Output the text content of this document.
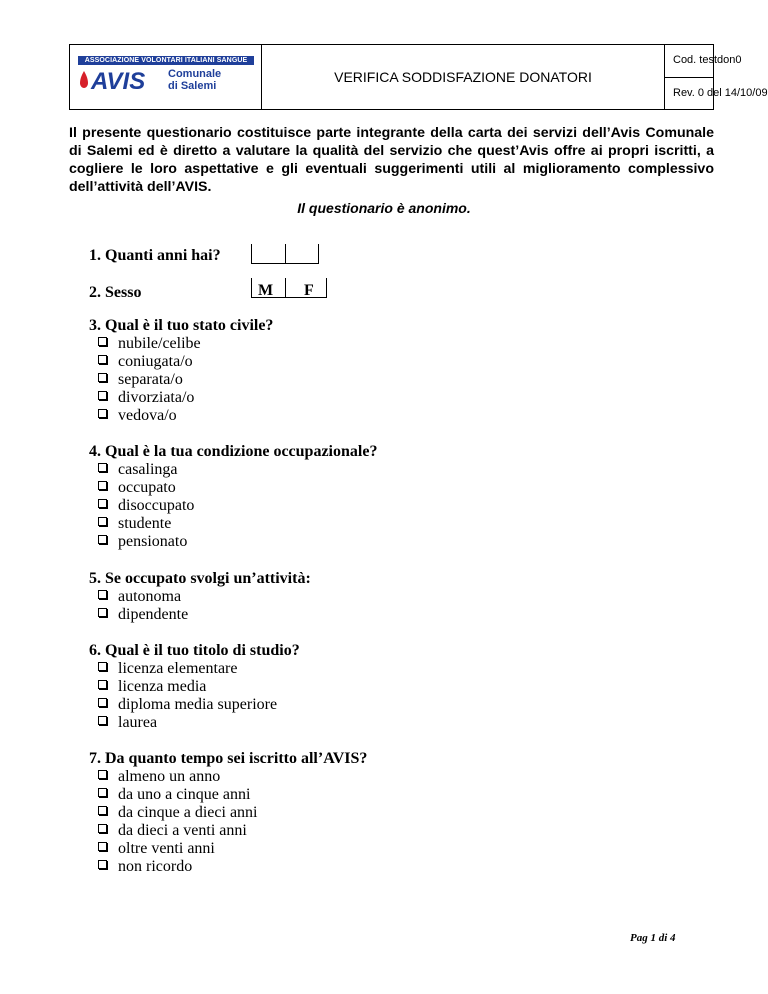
ASSOCIAZIONE VOLONTARI ITALIANI SANGUE
AVIS Comunale
di Salemi
VERIFICA SODDISFAZIONE DONATORI
Cod. testdon0
Rev. 0 del 14/10/09
Il presente questionario costituisce parte integrante della carta dei servizi dell’Avis Comunale di Salemi ed è diretto a valutare la qualità del servizio che quest’Avis offre ai propri iscritti, a cogliere le loro aspettative e gli eventuali suggerimenti utili al miglioramento complessivo dell’attività dell’AVIS.
Il questionario è anonimo.
1. Quanti anni hai?
2. Sesso	M F
3. Qual è il tuo stato civile?
nubile/celibe
coniugata/o
separata/o
divorziata/o
vedova/o
4. Qual è la tua condizione occupazionale?
casalinga
occupato
disoccupato
studente
pensionato
5. Se occupato svolgi un’attività:
autonoma
dipendente
6. Qual è il tuo titolo di studio?
licenza elementare
licenza media
diploma media superiore
laurea
7. Da quanto tempo sei iscritto all’AVIS?
almeno un anno
da uno a cinque anni
da cinque a dieci anni
da dieci a venti anni
oltre venti anni
non ricordo
Pag 1 di 4
